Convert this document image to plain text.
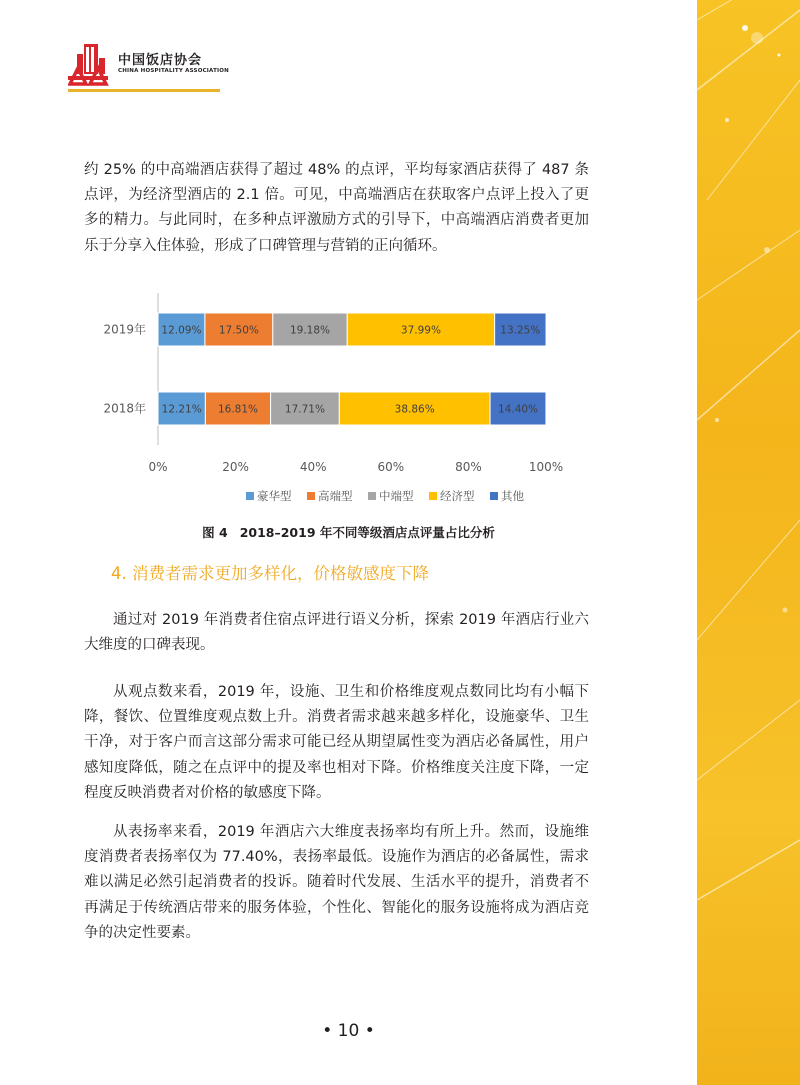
中国饭店协会
CHINA HOSPITALITY ASSOCIATION

约 25% 的中高端酒店获得了超过 48% 的点评，平均每家酒店获得了 487 条点评，为经济型酒店的 2.1 倍。可见，中高端酒店在获取客户点评上投入了更多的精力。与此同时，在多种点评激励方式的引导下，中高端酒店消费者更加乐于分享入住体验，形成了口碑管理与营销的正向循环。

2019年 12.09% 17.50%	19.18%	37.99%	13.25%
2018年 12.21% 16.81%	17.71%	38.86%	14.40%
0%	20%	40%	60%	80%	100%
豪华型 高端型 中端型 经济型 其他

图 4 2018–2019 年不同等级酒店点评量占比分析

4. 消费者需求更加多样化，价格敏感度下降

通过对 2019 年消费者住宿点评进行语义分析，探索 2019 年酒店行业六大维度的口碑表现。

从观点数来看，2019 年，设施、卫生和价格维度观点数同比均有小幅下降，餐饮、位置维度观点数上升。消费者需求越来越多样化，设施豪华、卫生干净，对于客户而言这部分需求可能已经从期望属性变为酒店必备属性，用户感知度降低，随之在点评中的提及率也相对下降。价格维度关注度下降，一定程度反映消费者对价格的敏感度下降。

从表扬率来看，2019 年酒店六大维度表扬率均有所上升。然而，设施维度消费者表扬率仅为 77.40%，表扬率最低。设施作为酒店的必备属性，需求难以满足必然引起消费者的投诉。随着时代发展、生活水平的提升，消费者不再满足于传统酒店带来的服务体验，个性化、智能化的服务设施将成为酒店竞争的决定性要素。

• 10 •
